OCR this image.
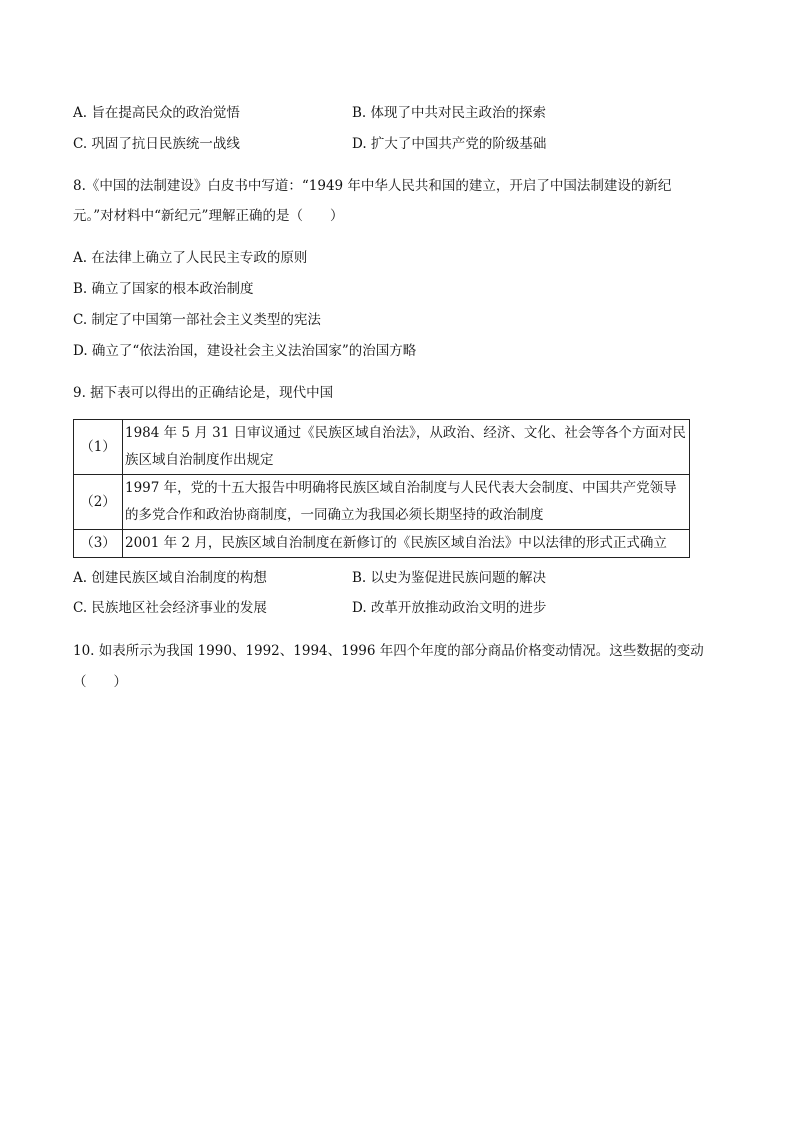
A. 旨在提高民众的政治觉悟	B. 体现了中共对民主政治的探索
C. 巩固了抗日民族统一战线	D. 扩大了中国共产党的阶级基础
8.《中国的法制建设》白皮书中写道：“1949 年中华人民共和国的建立，开启了中国法制建设的新纪
元。”对材料中“新纪元”理解正确的是（　　）
A. 在法律上确立了人民民主专政的原则
B. 确立了国家的根本政治制度
C. 制定了中国第一部社会主义类型的宪法
D. 确立了“依法治国，建设社会主义法治国家”的治国方略
9. 据下表可以得出的正确结论是，现代中国
（1）	1984 年 5 月 31 日审议通过《民族区域自治法》，从政治、经济、文化、社会等各个方面对民族区域自治制度作出规定
（2）	1997 年，党的十五大报告中明确将民族区域自治制度与人民代表大会制度、中国共产党领导的多党合作和政治协商制度，一同确立为我国必须长期坚持的政治制度
（3）	2001 年 2 月，民族区域自治制度在新修订的《民族区域自治法》中以法律的形式正式确立
A. 创建民族区域自治制度的构想	B. 以史为鉴促进民族问题的解决
C. 民族地区社会经济事业的发展	D. 改革开放推动政治文明的进步
10. 如表所示为我国 1990、1992、1994、1996 年四个年度的部分商品价格变动情况。这些数据的变动
（　　）
